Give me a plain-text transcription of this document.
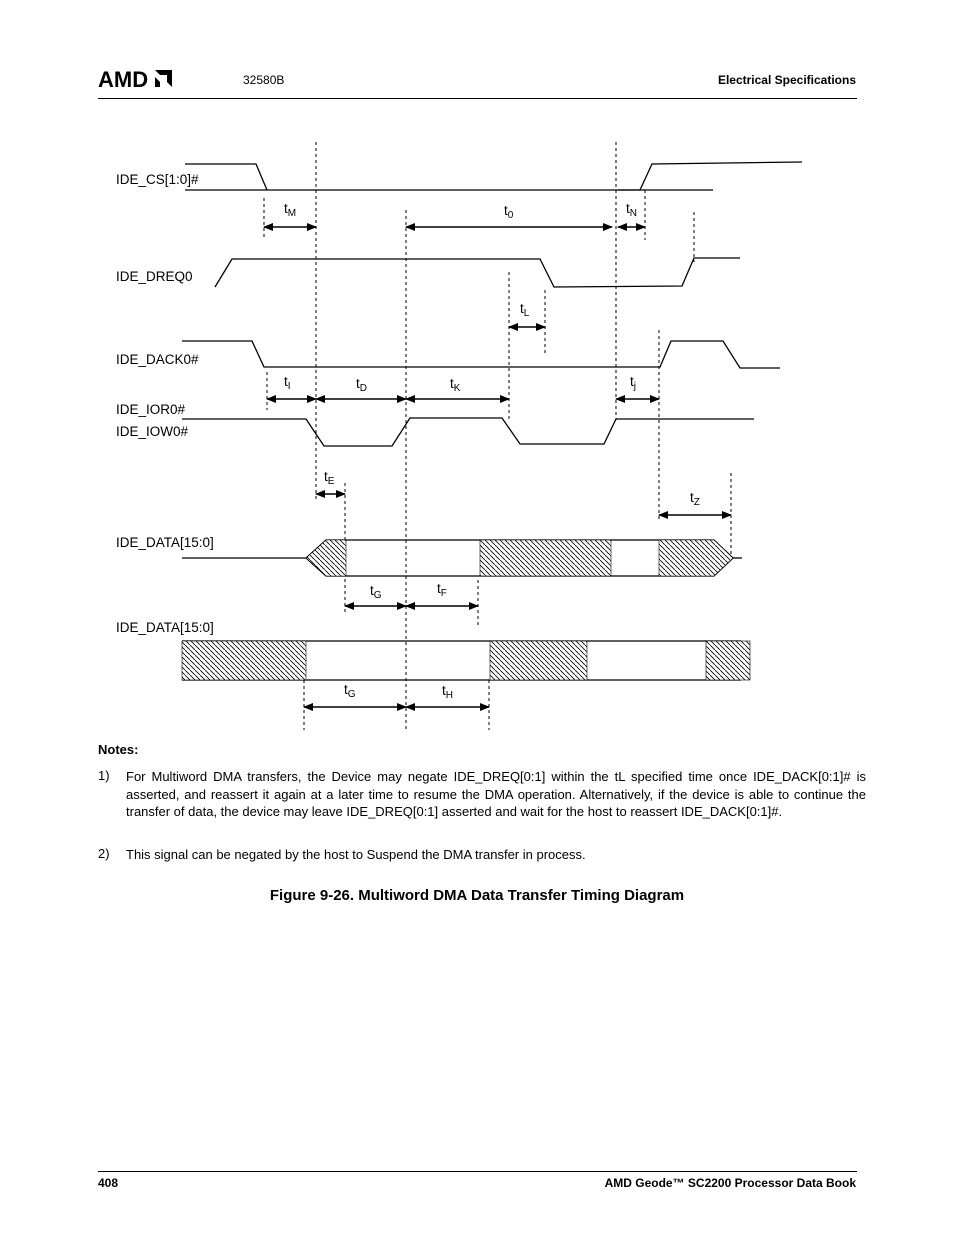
AMD	32580B	Electrical Specifications
IDE_CS[1:0]#
IDE_DREQ0
IDE_DACK0#
IDE_IOR0#
IDE_IOW0#
IDE_DATA[15:0]
IDE_DATA[15:0]
$t_M$	$t_0$	$t_N$
$t_L$
$t_I$	$t_D$	$t_K$	$t_j$
$t_E$
$t_Z$
$t_G$	$t_F$
$t_G$	$t_H$
Notes:
1) For Multiword DMA transfers, the Device may negate IDE_DREQ[0:1] within the tL specified time once IDE_DACK[0:1]# is asserted, and reassert it again at a later time to resume the DMA operation. Alternatively, if the device is able to continue the transfer of data, the device may leave IDE_DREQ[0:1] asserted and wait for the host to reassert IDE_DACK[0:1]#.
2) This signal can be negated by the host to Suspend the DMA transfer in process.
Figure 9-26. Multiword DMA Data Transfer Timing Diagram
408	AMD Geode™ SC2200 Processor Data Book
